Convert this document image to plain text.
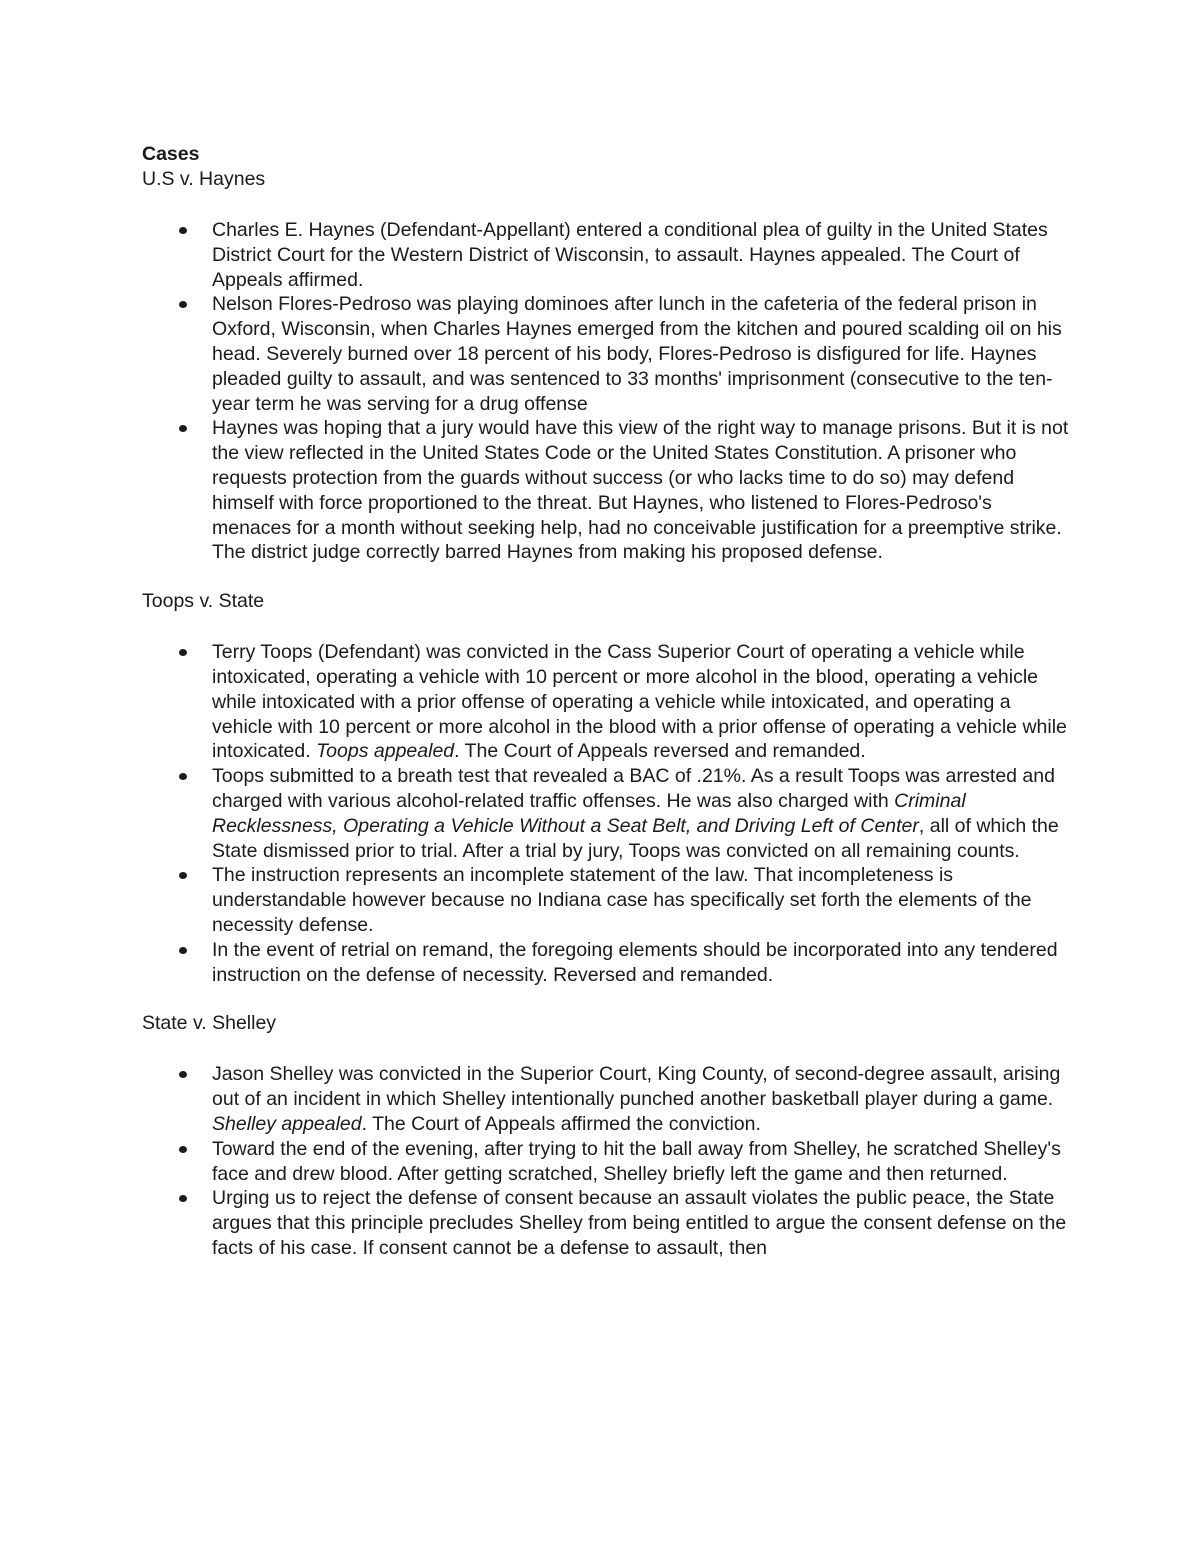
Cases

U.S v. Haynes

Charles E. Haynes (Defendant-Appellant) entered a conditional plea of guilty in the United States District Court for the Western District of Wisconsin, to assault. Haynes appealed. The Court of Appeals affirmed.
Nelson Flores-Pedroso was playing dominoes after lunch in the cafeteria of the federal prison in Oxford, Wisconsin, when Charles Haynes emerged from the kitchen and poured scalding oil on his head. Severely burned over 18 percent of his body, Flores-Pedroso is disfigured for life. Haynes pleaded guilty to assault, and was sentenced to 33 months' imprisonment (consecutive to the ten-year term he was serving for a drug offense
Haynes was hoping that a jury would have this view of the right way to manage prisons. But it is not the view reflected in the United States Code or the United States Constitution. A prisoner who requests protection from the guards without success (or who lacks time to do so) may defend himself with force proportioned to the threat. But Haynes, who listened to Flores-Pedroso's menaces for a month without seeking help, had no conceivable justification for a preemptive strike. The district judge correctly barred Haynes from making his proposed defense.

Toops v. State

Terry Toops (Defendant) was convicted in the Cass Superior Court of operating a vehicle while intoxicated, operating a vehicle with 10 percent or more alcohol in the blood, operating a vehicle while intoxicated with a prior offense of operating a vehicle while intoxicated, and operating a vehicle with 10 percent or more alcohol in the blood with a prior offense of operating a vehicle while intoxicated. Toops appealed. The Court of Appeals reversed and remanded.
Toops submitted to a breath test that revealed a BAC of .21%. As a result Toops was arrested and charged with various alcohol-related traffic offenses. He was also charged with Criminal Recklessness, Operating a Vehicle Without a Seat Belt, and Driving Left of Center, all of which the State dismissed prior to trial. After a trial by jury, Toops was convicted on all remaining counts.
The instruction represents an incomplete statement of the law. That incompleteness is understandable however because no Indiana case has specifically set forth the elements of the necessity defense.
In the event of retrial on remand, the foregoing elements should be incorporated into any tendered instruction on the defense of necessity. Reversed and remanded.

State v. Shelley

Jason Shelley was convicted in the Superior Court, King County, of second-degree assault, arising out of an incident in which Shelley intentionally punched another basketball player during a game. Shelley appealed. The Court of Appeals affirmed the conviction.
Toward the end of the evening, after trying to hit the ball away from Shelley, he scratched Shelley's face and drew blood. After getting scratched, Shelley briefly left the game and then returned.
Urging us to reject the defense of consent because an assault violates the public peace, the State argues that this principle precludes Shelley from being entitled to argue the consent defense on the facts of his case. If consent cannot be a defense to assault, then
